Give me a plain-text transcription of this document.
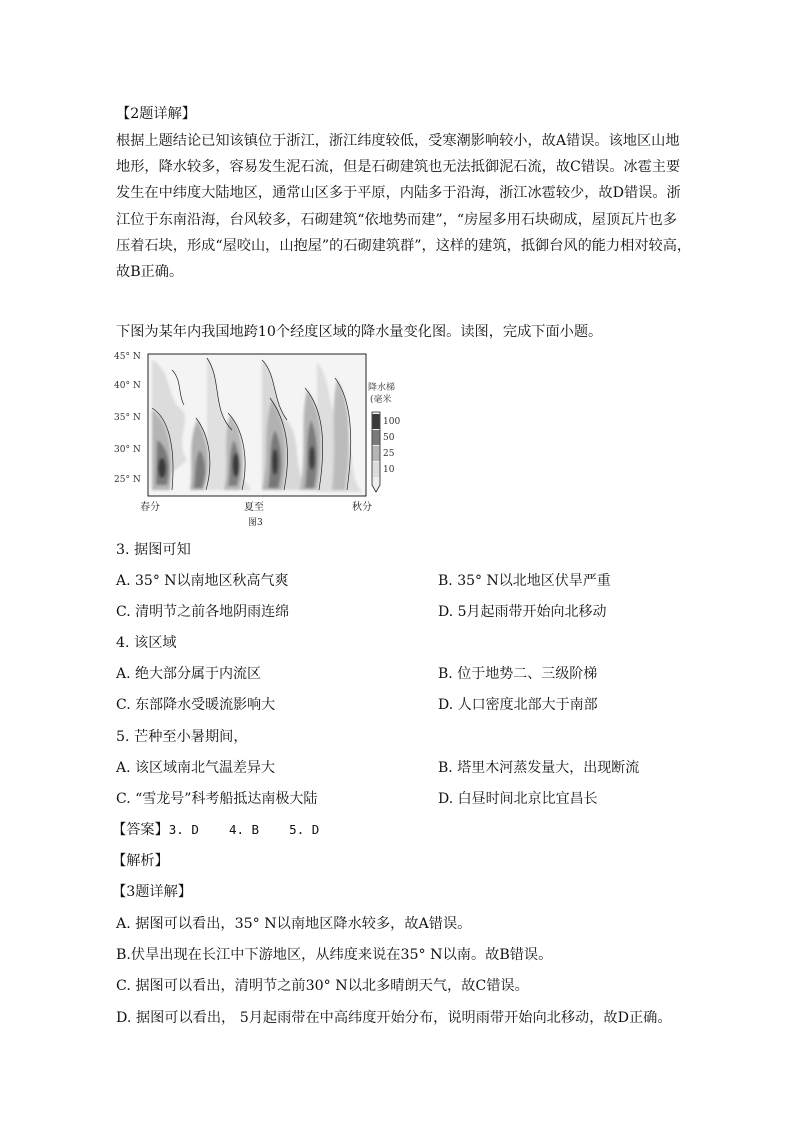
【2题详解】
根据上题结论已知该镇位于浙江，浙江纬度较低，受寒潮影响较小，故A错误。该地区山地
地形，降水较多，容易发生泥石流，但是石砌建筑也无法抵御泥石流，故C错误。冰雹主要
发生在中纬度大陆地区，通常山区多于平原，内陆多于沿海，浙江冰雹较少，故D错误。浙
江位于东南沿海，台风较多，石砌建筑“依地势而建”，“房屋多用石块砌成，屋顶瓦片也多
压着石块，形成“屋咬山，山抱屋”的石砌建筑群”，这样的建筑，抵御台风的能力相对较高，
故B正确。
下图为某年内我国地跨10个经度区域的降水量变化图。读图，完成下面小题。
45° N
40° N
35° N
30° N
25° N
降水梯
(毫米
100
50
25
10
春分	夏至	秋分
图3
3. 据图可知
A. 35° N以南地区秋高气爽	B. 35° N以北地区伏旱严重
C. 清明节之前各地阴雨连绵	D. 5月起雨带开始向北移动
4. 该区域
A. 绝大部分属于内流区	B. 位于地势二、三级阶梯
C. 东部降水受暖流影响大	D. 人口密度北部大于南部
5. 芒种至小暑期间，
A. 该区域南北气温差异大	B. 塔里木河蒸发量大，出现断流
C. “雪龙号”科考船抵达南极大陆	D. 白昼时间北京比宜昌长
【答案】3. D    4. B    5. D
【解析】
【3题详解】
A. 据图可以看出，35° N以南地区降水较多，故A错误。
B.伏旱出现在长江中下游地区，从纬度来说在35° N以南。故B错误。
C. 据图可以看出，清明节之前30° N以北多晴朗天气，故C错误。
D. 据图可以看出， 5月起雨带在中高纬度开始分布，说明雨带开始向北移动，故D正确。
